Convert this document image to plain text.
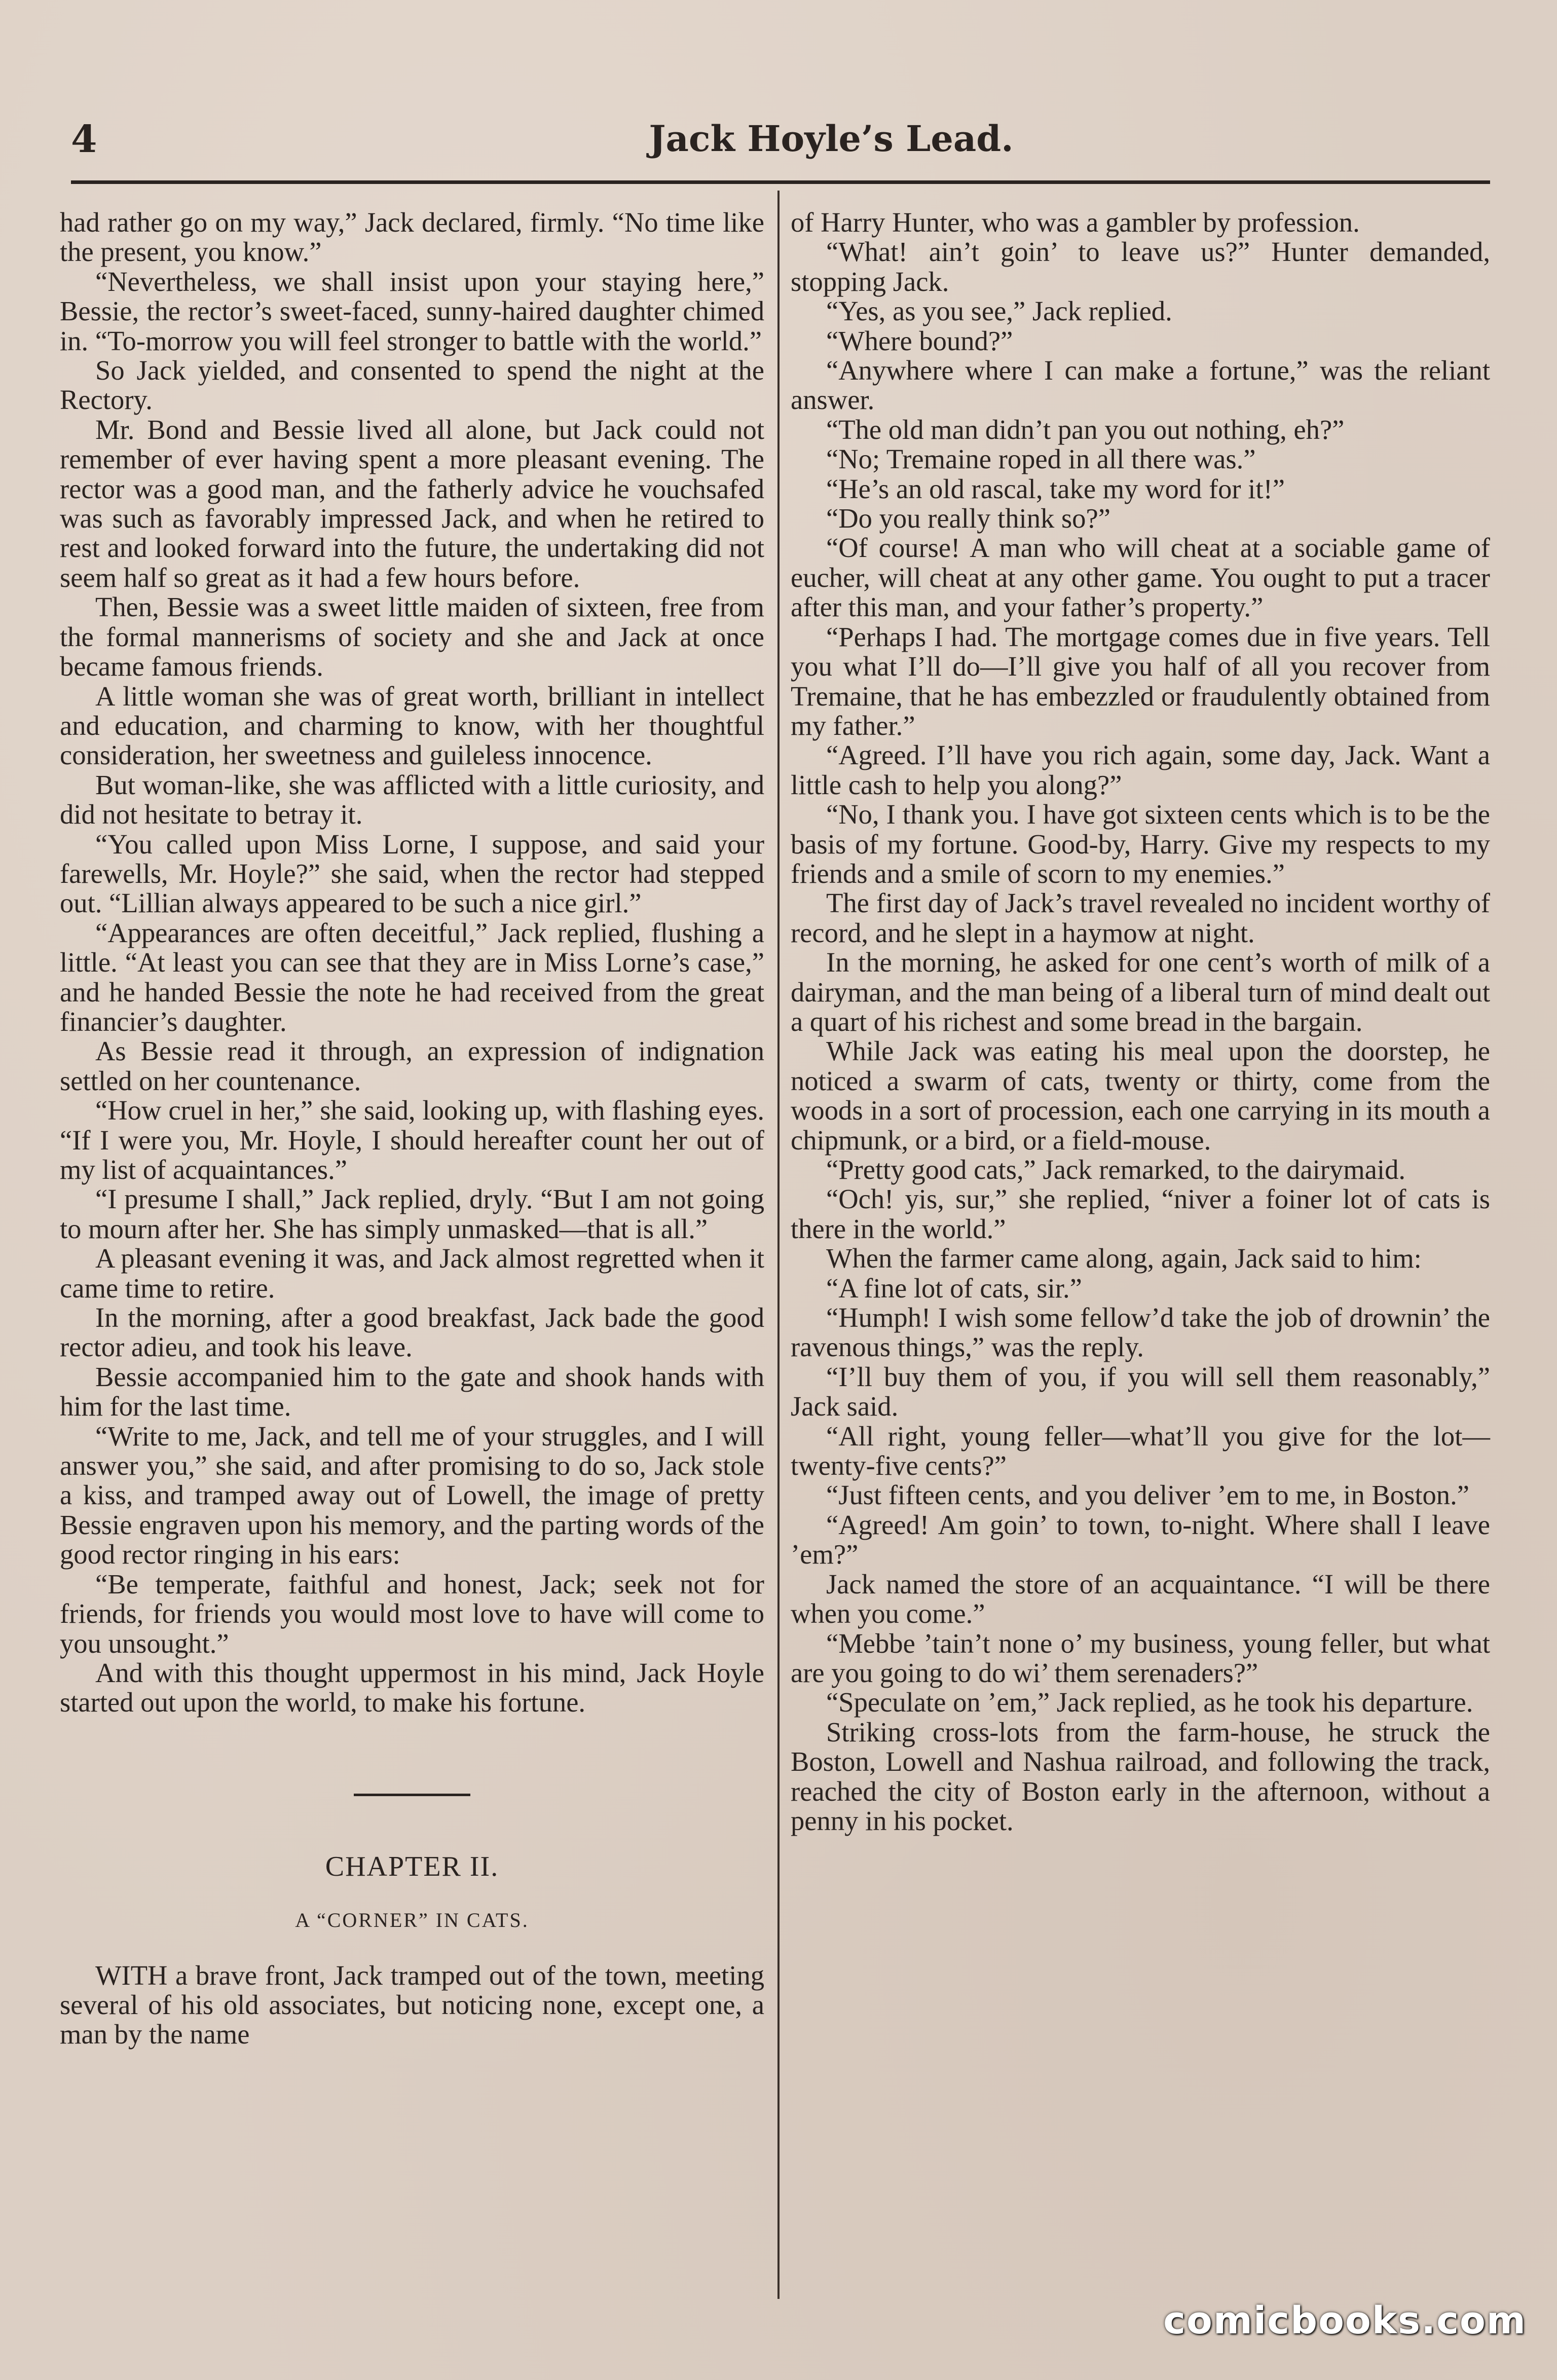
4	Jack Hoyle’s Lead.

had rather go on my way,” Jack declared, firmly. “No time like the present, you know.”

“Nevertheless, we shall insist upon your staying here,” Bessie, the rector’s sweet-faced, sunny-haired daughter chimed in. “To-morrow you will feel stronger to battle with the world.”

So Jack yielded, and consented to spend the night at the Rectory.

Mr. Bond and Bessie lived all alone, but Jack could not remember of ever having spent a more pleasant evening. The rector was a good man, and the fatherly advice he vouchsafed was such as favorably impressed Jack, and when he retired to rest and looked forward into the future, the undertaking did not seem half so great as it had a few hours before.

Then, Bessie was a sweet little maiden of sixteen, free from the formal mannerisms of society and she and Jack at once became famous friends.

A little woman she was of great worth, brilliant in intellect and education, and charming to know, with her thoughtful consideration, her sweetness and guileless innocence.

But woman-like, she was afflicted with a little curiosity, and did not hesitate to betray it.

“You called upon Miss Lorne, I suppose, and said your farewells, Mr. Hoyle?” she said, when the rector had stepped out. “Lillian always appeared to be such a nice girl.”

“Appearances are often deceitful,” Jack replied, flushing a little. “At least you can see that they are in Miss Lorne’s case,” and he handed Bessie the note he had received from the great financier’s daughter.

As Bessie read it through, an expression of indignation settled on her countenance.

“How cruel in her,” she said, looking up, with flashing eyes. “If I were you, Mr. Hoyle, I should hereafter count her out of my list of acquaintances.”

“I presume I shall,” Jack replied, dryly. “But I am not going to mourn after her. She has simply unmasked—that is all.”

A pleasant evening it was, and Jack almost regretted when it came time to retire.

In the morning, after a good breakfast, Jack bade the good rector adieu, and took his leave.

Bessie accompanied him to the gate and shook hands with him for the last time.

“Write to me, Jack, and tell me of your struggles, and I will answer you,” she said, and after promising to do so, Jack stole a kiss, and tramped away out of Lowell, the image of pretty Bessie engraven upon his memory, and the parting words of the good rector ringing in his ears:

“Be temperate, faithful and honest, Jack; seek not for friends, for friends you would most love to have will come to you unsought.”

And with this thought uppermost in his mind, Jack Hoyle started out upon the world, to make his fortune.

CHAPTER II.
A “CORNER” IN CATS.

WITH a brave front, Jack tramped out of the town, meeting several of his old associates, but noticing none, except one, a man by the name

of Harry Hunter, who was a gambler by profession.

“What! ain’t goin’ to leave us?” Hunter demanded, stopping Jack.

“Yes, as you see,” Jack replied.

“Where bound?”

“Anywhere where I can make a fortune,” was the reliant answer.

“The old man didn’t pan you out nothing, eh?”

“No; Tremaine roped in all there was.”

“He’s an old rascal, take my word for it!”

“Do you really think so?”

“Of course! A man who will cheat at a sociable game of eucher, will cheat at any other game. You ought to put a tracer after this man, and your father’s property.”

“Perhaps I had. The mortgage comes due in five years. Tell you what I’ll do—I’ll give you half of all you recover from Tremaine, that he has embezzled or fraudulently obtained from my father.”

“Agreed. I’ll have you rich again, some day, Jack. Want a little cash to help you along?”

“No, I thank you. I have got sixteen cents which is to be the basis of my fortune. Good-by, Harry. Give my respects to my friends and a smile of scorn to my enemies.”

The first day of Jack’s travel revealed no incident worthy of record, and he slept in a haymow at night.

In the morning, he asked for one cent’s worth of milk of a dairyman, and the man being of a liberal turn of mind dealt out a quart of his richest and some bread in the bargain.

While Jack was eating his meal upon the doorstep, he noticed a swarm of cats, twenty or thirty, come from the woods in a sort of procession, each one carrying in its mouth a chipmunk, or a bird, or a field-mouse.

“Pretty good cats,” Jack remarked, to the dairymaid.

“Och! yis, sur,” she replied, “niver a foiner lot of cats is there in the world.”

When the farmer came along, again, Jack said to him:

“A fine lot of cats, sir.”

“Humph! I wish some fellow’d take the job of drownin’ the ravenous things,” was the reply.

“I’ll buy them of you, if you will sell them reasonably,” Jack said.

“All right, young feller—what’ll you give for the lot—twenty-five cents?”

“Just fifteen cents, and you deliver ’em to me, in Boston.”

“Agreed! Am goin’ to town, to-night. Where shall I leave ’em?”

Jack named the store of an acquaintance. “I will be there when you come.”

“Mebbe ’tain’t none o’ my business, young feller, but what are you going to do wi’ them serenaders?”

“Speculate on ’em,” Jack replied, as he took his departure.

Striking cross-lots from the farm-house, he struck the Boston, Lowell and Nashua railroad, and following the track, reached the city of Boston early in the afternoon, without a penny in his pocket.

comicbooks.com
